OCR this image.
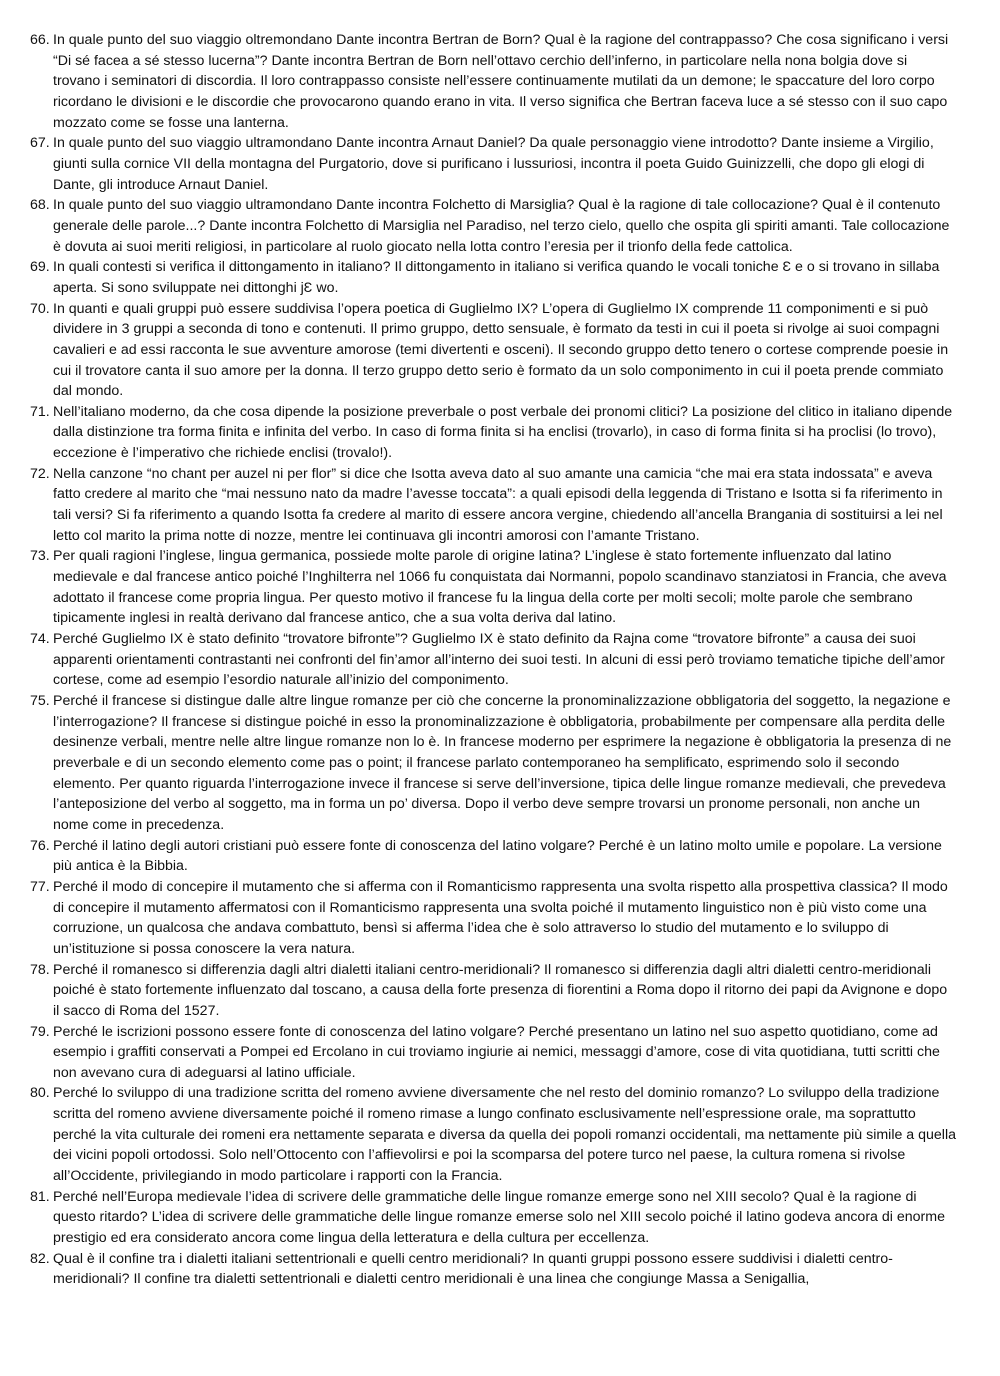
66. In quale punto del suo viaggio oltremondano Dante incontra Bertran de Born? Qual è la ragione del contrappasso? Che cosa significano i versi “Di sé facea a sé stesso lucerna”? Dante incontra Bertran de Born nell’ottavo cerchio dell’inferno, in particolare nella nona bolgia dove si trovano i seminatori di discordia. Il loro contrappasso consiste nell’essere continuamente mutilati da un demone; le spaccature del loro corpo ricordano le divisioni e le discordie che provocarono quando erano in vita. Il verso significa che Bertran faceva luce a sé stesso con il suo capo mozzato come se fosse una lanterna.
67. In quale punto del suo viaggio ultramondano Dante incontra Arnaut Daniel? Da quale personaggio viene introdotto? Dante insieme a Virgilio, giunti sulla cornice VII della montagna del Purgatorio, dove si purificano i lussuriosi, incontra il poeta Guido Guinizzelli, che dopo gli elogi di Dante, gli introduce Arnaut Daniel.
68. In quale punto del suo viaggio ultramondano Dante incontra Folchetto di Marsiglia? Qual è la ragione di tale collocazione? Qual è il contenuto generale delle parole...? Dante incontra Folchetto di Marsiglia nel Paradiso, nel terzo cielo, quello che ospita gli spiriti amanti. Tale collocazione è dovuta ai suoi meriti religiosi, in particolare al ruolo giocato nella lotta contro l’eresia per il trionfo della fede cattolica.
69. In quali contesti si verifica il dittongamento in italiano? Il dittongamento in italiano si verifica quando le vocali toniche Ɛ e o si trovano in sillaba aperta. Si sono sviluppate nei dittonghi jƐ wo.
70. In quanti e quali gruppi può essere suddivisa l’opera poetica di Guglielmo IX? L’opera di Guglielmo IX comprende 11 componimenti e si può dividere in 3 gruppi a seconda di tono e contenuti. Il primo gruppo, detto sensuale, è formato da testi in cui il poeta si rivolge ai suoi compagni cavalieri e ad essi racconta le sue avventure amorose (temi divertenti e osceni). Il secondo gruppo detto tenero o cortese comprende poesie in cui il trovatore canta il suo amore per la donna. Il terzo gruppo detto serio è formato da un solo componimento in cui il poeta prende commiato dal mondo.
71. Nell’italiano moderno, da che cosa dipende la posizione preverbale o post verbale dei pronomi clitici? La posizione del clitico in italiano dipende dalla distinzione tra forma finita e infinita del verbo. In caso di forma finita si ha enclisi (trovarlo), in caso di forma finita si ha proclisi (lo trovo), eccezione è l’imperativo che richiede enclisi (trovalo!).
72. Nella canzone “no chant per auzel ni per flor” si dice che Isotta aveva dato al suo amante una camicia “che mai era stata indossata” e aveva fatto credere al marito che “mai nessuno nato da madre l’avesse toccata”: a quali episodi della leggenda di Tristano e Isotta si fa riferimento in tali versi? Si fa riferimento a quando Isotta fa credere al marito di essere ancora vergine, chiedendo all’ancella Brangania di sostituirsi a lei nel letto col marito la prima notte di nozze, mentre lei continuava gli incontri amorosi con l’amante Tristano.
73. Per quali ragioni l’inglese, lingua germanica, possiede molte parole di origine latina? L’inglese è stato fortemente influenzato dal latino medievale e dal francese antico poiché l’Inghilterra nel 1066 fu conquistata dai Normanni, popolo scandinavo stanziatosi in Francia, che aveva adottato il francese come propria lingua. Per questo motivo il francese fu la lingua della corte per molti secoli; molte parole che sembrano tipicamente inglesi in realtà derivano dal francese antico, che a sua volta deriva dal latino.
74. Perché Guglielmo IX è stato definito “trovatore bifronte”? Guglielmo IX è stato definito da Rajna come “trovatore bifronte” a causa dei suoi apparenti orientamenti contrastanti nei confronti del fin’amor all’interno dei suoi testi. In alcuni di essi però troviamo tematiche tipiche dell’amor cortese, come ad esempio l’esordio naturale all’inizio del componimento.
75. Perché il francese si distingue dalle altre lingue romanze per ciò che concerne la pronominalizzazione obbligatoria del soggetto, la negazione e l’interrogazione? Il francese si distingue poiché in esso la pronominalizzazione è obbligatoria, probabilmente per compensare alla perdita delle desinenze verbali, mentre nelle altre lingue romanze non lo è. In francese moderno per esprimere la negazione è obbligatoria la presenza di ne preverbale e di un secondo elemento come pas o point; il francese parlato contemporaneo ha semplificato, esprimendo solo il secondo elemento. Per quanto riguarda l’interrogazione invece il francese si serve dell’inversione, tipica delle lingue romanze medievali, che prevedeva l’anteposizione del verbo al soggetto, ma in forma un po’ diversa. Dopo il verbo deve sempre trovarsi un pronome personali, non anche un nome come in precedenza.
76. Perché il latino degli autori cristiani può essere fonte di conoscenza del latino volgare? Perché è un latino molto umile e popolare. La versione più antica è la Bibbia.
77. Perché il modo di concepire il mutamento che si afferma con il Romanticismo rappresenta una svolta rispetto alla prospettiva classica? Il modo di concepire il mutamento affermatosi con il Romanticismo rappresenta una svolta poiché il mutamento linguistico non è più visto come una corruzione, un qualcosa che andava combattuto, bensì si afferma l’idea che è solo attraverso lo studio del mutamento e lo sviluppo di un’istituzione si possa conoscere la vera natura.
78. Perché il romanesco si differenzia dagli altri dialetti italiani centro-meridionali? Il romanesco si differenzia dagli altri dialetti centro-meridionali poiché è stato fortemente influenzato dal toscano, a causa della forte presenza di fiorentini a Roma dopo il ritorno dei papi da Avignone e dopo il sacco di Roma del 1527.
79. Perché le iscrizioni possono essere fonte di conoscenza del latino volgare? Perché presentano un latino nel suo aspetto quotidiano, come ad esempio i graffiti conservati a Pompei ed Ercolano in cui troviamo ingiurie ai nemici, messaggi d’amore, cose di vita quotidiana, tutti scritti che non avevano cura di adeguarsi al latino ufficiale.
80. Perché lo sviluppo di una tradizione scritta del romeno avviene diversamente che nel resto del dominio romanzo? Lo sviluppo della tradizione scritta del romeno avviene diversamente poiché il romeno rimase a lungo confinato esclusivamente nell’espressione orale, ma soprattutto perché la vita culturale dei romeni era nettamente separata e diversa da quella dei popoli romanzi occidentali, ma nettamente più simile a quella dei vicini popoli ortodossi. Solo nell’Ottocento con l’affievolirsi e poi la scomparsa del potere turco nel paese, la cultura romena si rivolse all’Occidente, privilegiando in modo particolare i rapporti con la Francia.
81. Perché nell’Europa medievale l’idea di scrivere delle grammatiche delle lingue romanze emerge sono nel XIII secolo? Qual è la ragione di questo ritardo? L’idea di scrivere delle grammatiche delle lingue romanze emerse solo nel XIII secolo poiché il latino godeva ancora di enorme prestigio ed era considerato ancora come lingua della letteratura e della cultura per eccellenza.
82. Qual è il confine tra i dialetti italiani settentrionali e quelli centro meridionali? In quanti gruppi possono essere suddivisi i dialetti centro-meridionali? Il confine tra dialetti settentrionali e dialetti centro meridionali è una linea che congiunge Massa a Senigallia,
